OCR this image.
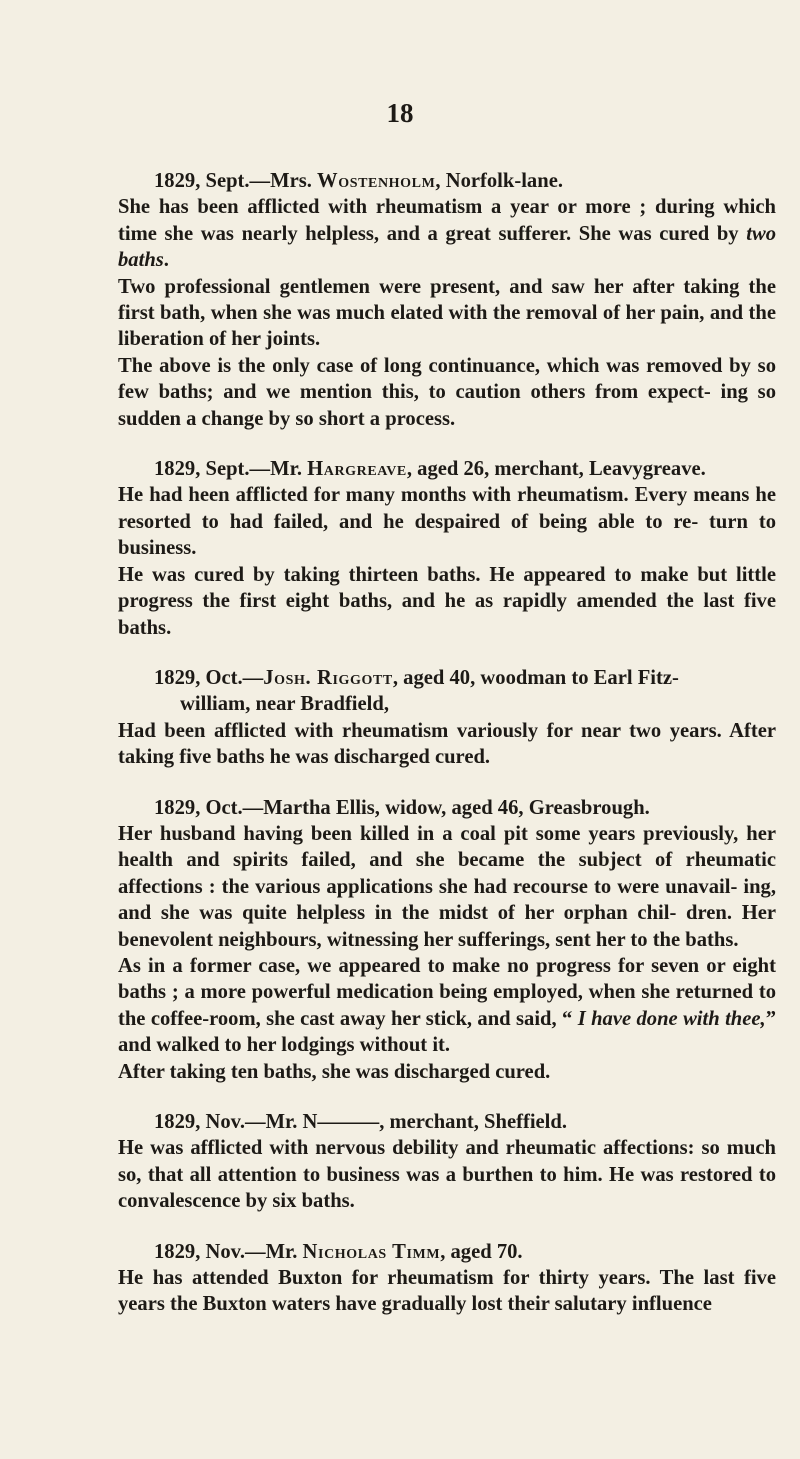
18
1829, Sept.—Mrs. Wostenholm, Norfolk-lane.
She has been afflicted with rheumatism a year or more ; during which time she was nearly helpless, and a great sufferer. She was cured by two baths.
Two professional gentlemen were present, and saw her after taking the first bath, when she was much elated with the removal of her pain, and the liberation of her joints.
The above is the only case of long continuance, which was removed by so few baths; and we mention this, to caution others from expect- ing so sudden a change by so short a process.
1829, Sept.—Mr. Hargreave, aged 26, merchant, Leavygreave.
He had heen afflicted for many months with rheumatism. Every means he resorted to had failed, and he despaired of being able to re- turn to business.
He was cured by taking thirteen baths. He appeared to make but little progress the first eight baths, and he as rapidly amended the last five baths.
1829, Oct.—Josh. Riggott, aged 40, woodman to Earl Fitz-
william, near Bradfield,
Had been afflicted with rheumatism variously for near two years. After taking five baths he was discharged cured.
1829, Oct.—Martha Ellis, widow, aged 46, Greasbrough.
Her husband having been killed in a coal pit some years previously, her health and spirits failed, and she became the subject of rheumatic affections : the various applications she had recourse to were unavail- ing, and she was quite helpless in the midst of her orphan chil- dren. Her benevolent neighbours, witnessing her sufferings, sent her to the baths.
As in a former case, we appeared to make no progress for seven or eight baths ; a more powerful medication being employed, when she returned to the coffee-room, she cast away her stick, and said, “ I have done with thee,” and walked to her lodgings without it.
After taking ten baths, she was discharged cured.
1829, Nov.—Mr. N———, merchant, Sheffield.
He was afflicted with nervous debility and rheumatic affections: so much so, that all attention to business was a burthen to him. He was restored to convalescence by six baths.
1829, Nov.—Mr. Nicholas Timm, aged 70.
He has attended Buxton for rheumatism for thirty years. The last five years the Buxton waters have gradually lost their salutary influence
